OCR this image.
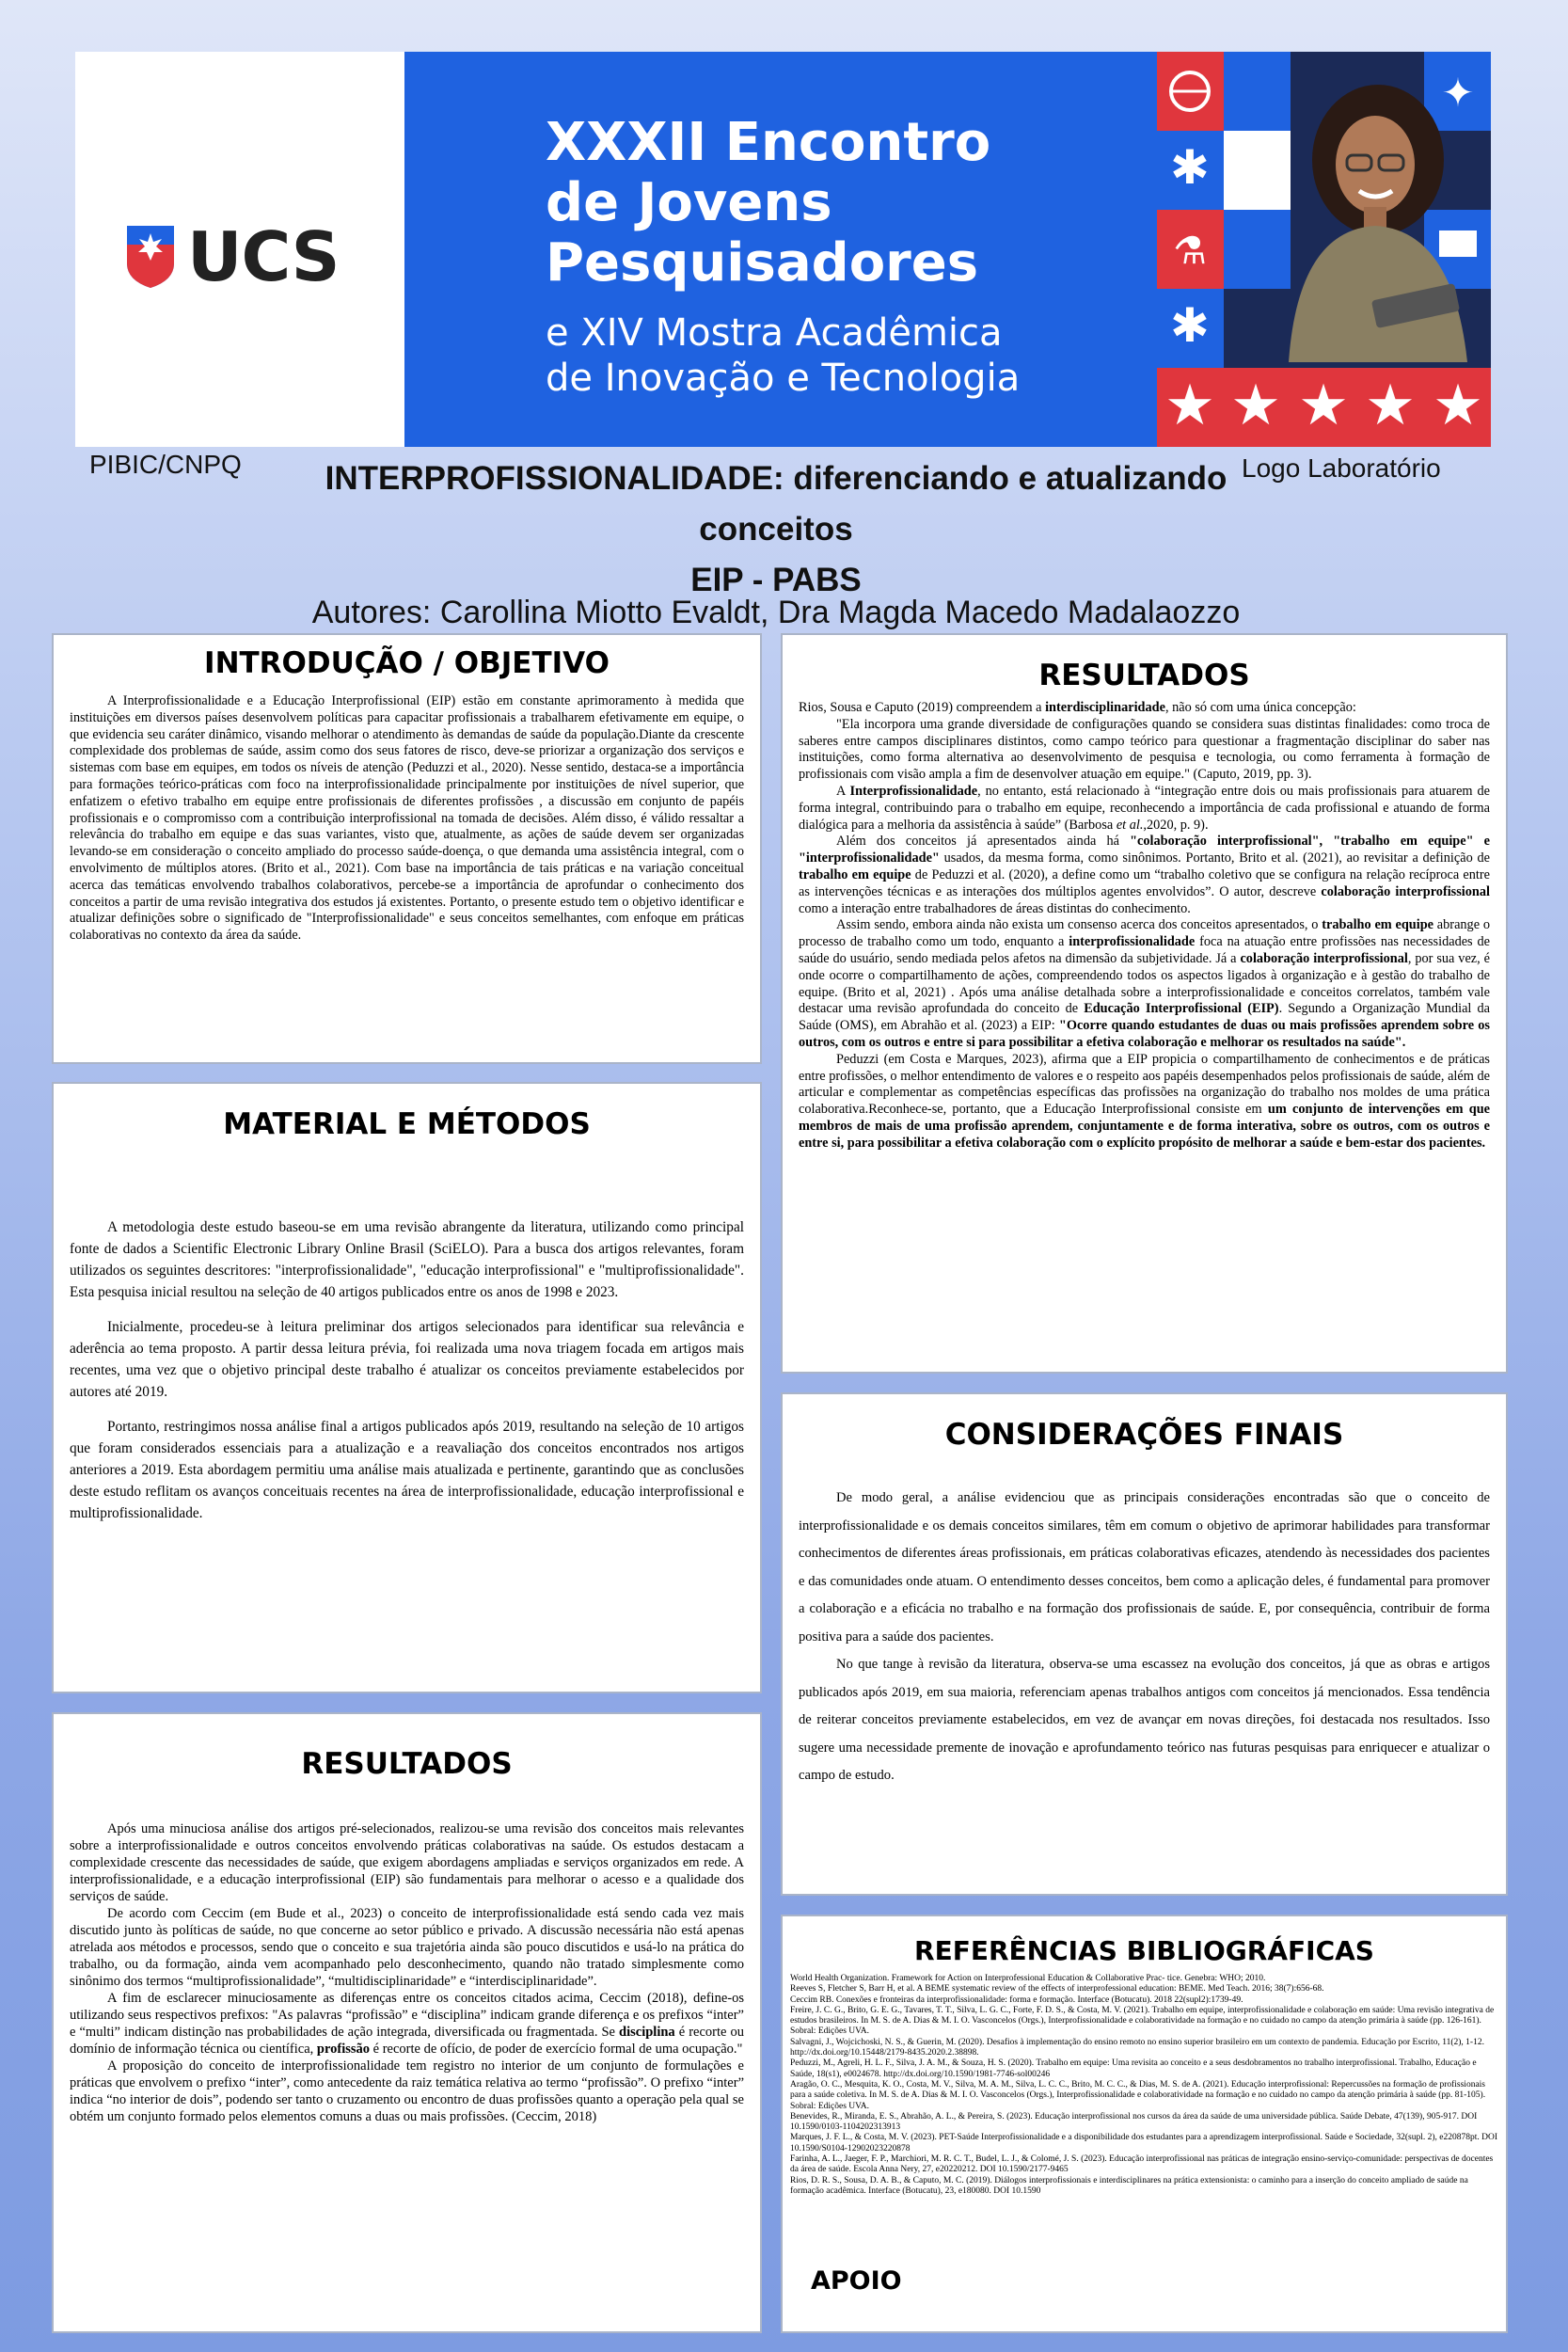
UCS
XXXII Encontro
de Jovens
Pesquisadores
e XIV Mostra Acadêmica
de Inovação e Tecnologia
✱
⚗
✱
✦
★ ★ ★ ★ ★
PIBIC/CNPQ	Logo Laboratório
INTERPROFISSIONALIDADE: diferenciando e atualizando
conceitos
EIP - PABS
Autores: Carollina Miotto Evaldt, Dra Magda Macedo Madalaozzo
INTRODUÇÃO / OBJETIVO

A Interprofissionalidade e a Educação Interprofissional (EIP) estão em constante aprimoramento à medida que instituições em diversos países desenvolvem políticas para capacitar profissionais a trabalharem efetivamente em equipe, o que evidencia seu caráter dinâmico, visando melhorar o atendimento às demandas de saúde da população.Diante da crescente complexidade dos problemas de saúde, assim como dos seus fatores de risco, deve-se priorizar a organização dos serviços e sistemas com base em equipes, em todos os níveis de atenção (Peduzzi et al., 2020). Nesse sentido, destaca-se a importância para formações teórico-práticas com foco na interprofissionalidade principalmente por instituições de nível superior, que enfatizem o efetivo trabalho em equipe entre profissionais de diferentes profissões , a discussão em conjunto de papéis profissionais e o compromisso com a contribuição interprofissional na tomada de decisões. Além disso, é válido ressaltar a relevância do trabalho em equipe e das suas variantes, visto que, atualmente, as ações de saúde devem ser organizadas levando-se em consideração o conceito ampliado do processo saúde-doença, o que demanda uma assistência integral, com o envolvimento de múltiplos atores. (Brito et al., 2021). Com base na importância de tais práticas e na variação conceitual acerca das temáticas envolvendo trabalhos colaborativos, percebe-se a importância de aprofundar o conhecimento dos conceitos a partir de uma revisão integrativa dos estudos já existentes. Portanto, o presente estudo tem o objetivo identificar e atualizar definições sobre o significado de "Interprofissionalidade" e seus conceitos semelhantes, com enfoque em práticas colaborativas no contexto da área da saúde.

MATERIAL E MÉTODOS

A metodologia deste estudo baseou-se em uma revisão abrangente da literatura, utilizando como principal fonte de dados a Scientific Electronic Library Online Brasil (SciELO). Para a busca dos artigos relevantes, foram utilizados os seguintes descritores: "interprofissionalidade", "educação interprofissional" e "multiprofissionalidade". Esta pesquisa inicial resultou na seleção de 40 artigos publicados entre os anos de 1998 e 2023.

Inicialmente, procedeu-se à leitura preliminar dos artigos selecionados para identificar sua relevância e aderência ao tema proposto. A partir dessa leitura prévia, foi realizada uma nova triagem focada em artigos mais recentes, uma vez que o objetivo principal deste trabalho é atualizar os conceitos previamente estabelecidos por autores até 2019.

Portanto, restringimos nossa análise final a artigos publicados após 2019, resultando na seleção de 10 artigos que foram considerados essenciais para a atualização e a reavaliação dos conceitos encontrados nos artigos anteriores a 2019. Esta abordagem permitiu uma análise mais atualizada e pertinente, garantindo que as conclusões deste estudo reflitam os avanços conceituais recentes na área de interprofissionalidade, educação interprofissional e multiprofissionalidade.

RESULTADOS

Após uma minuciosa análise dos artigos pré-selecionados, realizou-se uma revisão dos conceitos mais relevantes sobre a interprofissionalidade e outros conceitos envolvendo práticas colaborativas na saúde. Os estudos destacam a complexidade crescente das necessidades de saúde, que exigem abordagens ampliadas e serviços organizados em rede. A interprofissionalidade, e a educação interprofissional (EIP) são fundamentais para melhorar o acesso e a qualidade dos serviços de saúde.

De acordo com Ceccim (em Bude et al., 2023) o conceito de interprofissionalidade está sendo cada vez mais discutido junto às políticas de saúde, no que concerne ao setor público e privado. A discussão necessária não está apenas atrelada aos métodos e processos, sendo que o conceito e sua trajetória ainda são pouco discutidos e usá-lo na prática do trabalho, ou da formação, ainda vem acompanhado pelo desconhecimento, quando não tratado simplesmente como sinônimo dos termos “multiprofissionalidade”, “multidisciplinaridade” e “interdisciplinaridade”.

A fim de esclarecer minuciosamente as diferenças entre os conceitos citados acima, Ceccim (2018), define-os utilizando seus respectivos prefixos: "As palavras “profissão” e “disciplina” indicam grande diferença e os prefixos “inter” e “multi” indicam distinção nas probabilidades de ação integrada, diversificada ou fragmentada. Se disciplina é recorte ou domínio de informação técnica ou científica, profissão é recorte de ofício, de poder de exercício formal de uma ocupação."

A proposição do conceito de interprofissionalidade tem registro no interior de um conjunto de formulações e práticas que envolvem o prefixo “inter”, como antecedente da raiz temática relativa ao termo “profissão”. O prefixo “inter” indica “no interior de dois”, podendo ser tanto o cruzamento ou encontro de duas profissões quanto a operação pela qual se obtém um conjunto formado pelos elementos comuns a duas ou mais profissões. (Ceccim, 2018)

RESULTADOS

Rios, Sousa e Caputo (2019) compreendem a interdisciplinaridade, não só com uma única concepção:

"Ela incorpora uma grande diversidade de configurações quando se considera suas distintas finalidades: como troca de saberes entre campos disciplinares distintos, como campo teórico para questionar a fragmentação disciplinar do saber nas instituições, como forma alternativa ao desenvolvimento de pesquisa e tecnologia, ou como ferramenta à formação de profissionais com visão ampla a fim de desenvolver atuação em equipe." (Caputo, 2019, pp. 3).

A Interprofissionalidade, no entanto, está relacionado à “integração entre dois ou mais profissionais para atuarem de forma integral, contribuindo para o trabalho em equipe, reconhecendo a importância de cada profissional e atuando de forma dialógica para a melhoria da assistência à saúde” (Barbosa et al.,2020, p. 9).

Além dos conceitos já apresentados ainda há "colaboração interprofissional", "trabalho em equipe" e "interprofissionalidade" usados, da mesma forma, como sinônimos. Portanto, Brito et al. (2021), ao revisitar a definição de trabalho em equipe de Peduzzi et al. (2020), a define como um “trabalho coletivo que se configura na relação recíproca entre as intervenções técnicas e as interações dos múltiplos agentes envolvidos”. O autor, descreve colaboração interprofissional como a interação entre trabalhadores de áreas distintas do conhecimento.

Assim sendo, embora ainda não exista um consenso acerca dos conceitos apresentados, o trabalho em equipe abrange o processo de trabalho como um todo, enquanto a interprofissionalidade foca na atuação entre profissões nas necessidades de saúde do usuário, sendo mediada pelos afetos na dimensão da subjetividade. Já a colaboração interprofissional, por sua vez, é onde ocorre o compartilhamento de ações, compreendendo todos os aspectos ligados à organização e à gestão do trabalho de equipe. (Brito et al, 2021) . Após uma análise detalhada sobre a interprofissionalidade e conceitos correlatos, também vale destacar uma revisão aprofundada do conceito de Educação Interprofissional (EIP). Segundo a Organização Mundial da Saúde (OMS), em Abrahão et al. (2023) a EIP: "Ocorre quando estudantes de duas ou mais profissões aprendem sobre os outros, com os outros e entre si para possibilitar a efetiva colaboração e melhorar os resultados na saúde".

Peduzzi (em Costa e Marques, 2023), afirma que a EIP propicia o compartilhamento de conhecimentos e de práticas entre profissões, o melhor entendimento de valores e o respeito aos papéis desempenhados pelos profissionais de saúde, além de articular e complementar as competências específicas das profissões na organização do trabalho nos moldes de uma prática colaborativa.Reconhece-se, portanto, que a Educação Interprofissional consiste em um conjunto de intervenções em que membros de mais de uma profissão aprendem, conjuntamente e de forma interativa, sobre os outros, com os outros e entre si, para possibilitar a efetiva colaboração com o explícito propósito de melhorar a saúde e bem-estar dos pacientes.

CONSIDERAÇÕES FINAIS

De modo geral, a análise evidenciou que as principais considerações encontradas são que o conceito de interprofissionalidade e os demais conceitos similares, têm em comum o objetivo de aprimorar habilidades para transformar conhecimentos de diferentes áreas profissionais, em práticas colaborativas eficazes, atendendo às necessidades dos pacientes e das comunidades onde atuam. O entendimento desses conceitos, bem como a aplicação deles, é fundamental para promover a colaboração e a eficácia no trabalho e na formação dos profissionais de saúde. E, por consequência, contribuir de forma positiva para a saúde dos pacientes.

No que tange à revisão da literatura, observa-se uma escassez na evolução dos conceitos, já que as obras e artigos publicados após 2019, em sua maioria, referenciam apenas trabalhos antigos com conceitos já mencionados. Essa tendência de reiterar conceitos previamente estabelecidos, em vez de avançar em novas direções, foi destacada nos resultados. Isso sugere uma necessidade premente de inovação e aprofundamento teórico nas futuras pesquisas para enriquecer e atualizar o campo de estudo.

REFERÊNCIAS BIBLIOGRÁFICAS

World Health Organization. Framework for Action on Interprofessional Education & Collaborative Prac- tice. Genebra: WHO; 2010.

Reeves S, Fletcher S, Barr H, et al. A BEME systematic review of the effects of interprofessional education: BEME. Med Teach. 2016; 38(7):656-68.

Ceccim RB. Conexões e fronteiras da interprofissionalidade: forma e formação. Interface (Botucatu). 2018 22(supl2):1739-49.

Freire, J. C. G., Brito, G. E. G., Tavares, T. T., Silva, L. G. C., Forte, F. D. S., & Costa, M. V. (2021). Trabalho em equipe, interprofissionalidade e colaboração em saúde: Uma revisão integrativa de estudos brasileiros. In M. S. de A. Dias & M. I. O. Vasconcelos (Orgs.), Interprofissionalidade e colaboratividade na formação e no cuidado no campo da atenção primária à saúde (pp. 126-161). Sobral: Edições UVA.

Salvagni, J., Wojcichoski, N. S., & Guerin, M. (2020). Desafios à implementação do ensino remoto no ensino superior brasileiro em um contexto de pandemia. Educação por Escrito, 11(2), 1-12. http://dx.doi.org/10.15448/2179-8435.2020.2.38898.

Peduzzi, M., Agreli, H. L. F., Silva, J. A. M., & Souza, H. S. (2020). Trabalho em equipe: Uma revisita ao conceito e a seus desdobramentos no trabalho interprofissional. Trabalho, Educação e Saúde, 18(s1), e0024678. http://dx.doi.org/10.1590/1981-7746-sol00246

Aragão, O. C., Mesquita, K. O., Costa, M. V., Silva, M. A. M., Silva, L. C. C., Brito, M. C. C., & Dias, M. S. de A. (2021). Educação interprofissional: Repercussões na formação de profissionais para a saúde coletiva. In M. S. de A. Dias & M. I. O. Vasconcelos (Orgs.), Interprofissionalidade e colaboratividade na formação e no cuidado no campo da atenção primária à saúde (pp. 81-105). Sobral: Edições UVA.

Benevides, R., Miranda, E. S., Abrahão, A. L., & Pereira, S. (2023). Educação interprofissional nos cursos da área da saúde de uma universidade pública. Saúde Debate, 47(139), 905-917. DOI 10.1590/0103-1104202313913

Marques, J. F. L., & Costa, M. V. (2023). PET-Saúde Interprofissionalidade e a disponibilidade dos estudantes para a aprendizagem interprofissional. Saúde e Sociedade, 32(supl. 2), e220878pt. DOI 10.1590/S0104-12902023220878

Farinha, A. L., Jaeger, F. P., Marchiori, M. R. C. T., Budel, L. J., & Colomé, J. S. (2023). Educação interprofissional nas práticas de integração ensino-serviço-comunidade: perspectivas de docentes da área de saúde. Escola Anna Nery, 27, e20220212. DOI 10.1590/2177-9465

Rios, D. R. S., Sousa, D. A. B., & Caputo, M. C. (2019). Diálogos interprofissionais e interdisciplinares na prática extensionista: o caminho para a inserção do conceito ampliado de saúde na formação acadêmica. Interface (Botucatu), 23, e180080. DOI 10.1590

APOIO
